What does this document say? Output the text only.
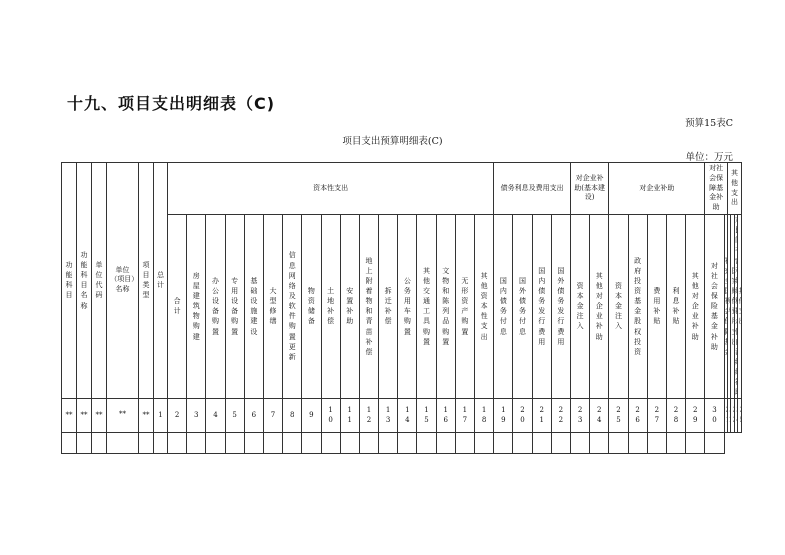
十九、项目支出明细表（C)
预算15表C
项目支出预算明细表(C)
单位：万元
功能科目	功能科目名称	单位代码	单位（项目）名称	项目类型	总计	资本性支出																	债务利息及费用支出				对企业补助(基本建设)		对企业补助					对社会保障基金补助		其他支出			
						合计	房屋建筑物购建	办公设备购置	专用设备购置	基础设施建设	大型修缮	信息网络及软件购置更新	物资储备	土地补偿	安置补助	地上附着物和青苗补偿	拆迁补偿	公务用车购置	其他交通工具购置	文物和陈列品购置	无形资产购置	其他资本性支出	国内债务付息	国外债务付息	国内债务发行费用	国外债务发行费用	资本金注入	其他对企业补助	资本金注入	政府投资基金股权投资	费用补贴	利息补贴	其他对企业补助	对社会保险基金补助					
**	**	**	**	**	1	2	3	4	5	6	7	8	9	10	11	12	13	14	15	16	17	18	19	20	21	22	23	24	25	26	27	28	29	30					
